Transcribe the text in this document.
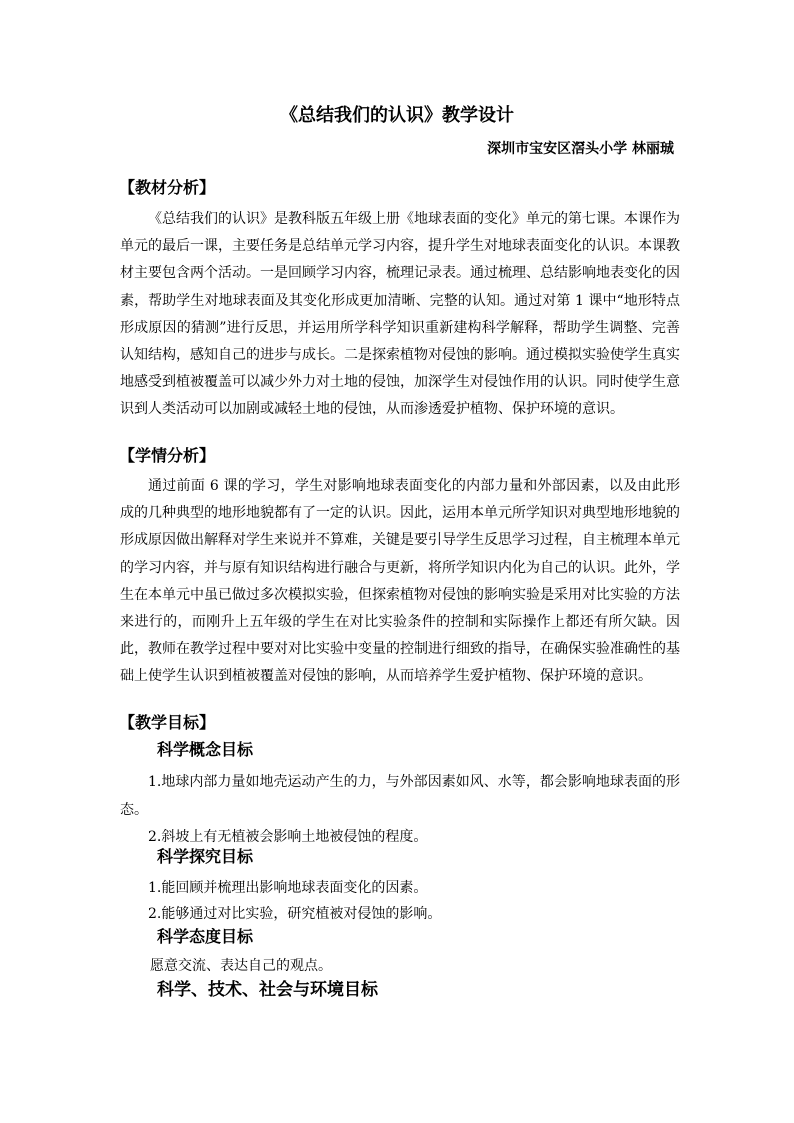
《总结我们的认识》教学设计
深圳市宝安区滘头小学 林丽珹
【教材分析】

《总结我们的认识》是教科版五年级上册《地球表面的变化》单元的第七课。本课作为单元的最后一课，主要任务是总结单元学习内容，提升学生对地球表面变化的认识。本课教材主要包含两个活动。一是回顾学习内容，梳理记录表。通过梳理、总结影响地表变化的因素，帮助学生对地球表面及其变化形成更加清晰、完整的认知。通过对第 1 课中“地形特点形成原因的猜测”进行反思，并运用所学科学知识重新建构科学解释，帮助学生调整、完善认知结构，感知自己的进步与成长。二是探索植物对侵蚀的影响。通过模拟实验使学生真实地感受到植被覆盖可以减少外力对土地的侵蚀，加深学生对侵蚀作用的认识。同时使学生意识到人类活动可以加剧或减轻土地的侵蚀，从而渗透爱护植物、保护环境的意识。

【学情分析】

通过前面 6 课的学习，学生对影响地球表面变化的内部力量和外部因素，以及由此形成的几种典型的地形地貌都有了一定的认识。因此，运用本单元所学知识对典型地形地貌的形成原因做出解释对学生来说并不算难，关键是要引导学生反思学习过程，自主梳理本单元的学习内容，并与原有知识结构进行融合与更新，将所学知识内化为自己的认识。此外，学生在本单元中虽已做过多次模拟实验，但探索植物对侵蚀的影响实验是采用对比实验的方法来进行的，而刚升上五年级的学生在对比实验条件的控制和实际操作上都还有所欠缺。因此，教师在教学过程中要对对比实验中变量的控制进行细致的指导，在确保实验准确性的基础上使学生认识到植被覆盖对侵蚀的影响，从而培养学生爱护植物、保护环境的意识。

【教学目标】
科学概念目标

1.地球内部力量如地壳运动产生的力，与外部因素如风、水等，都会影响地球表面的形态。

2.斜坡上有无植被会影响土地被侵蚀的程度。

科学探究目标

1.能回顾并梳理出影响地球表面变化的因素。

2.能够通过对比实验，研究植被对侵蚀的影响。

科学态度目标
愿意交流、表达自己的观点。
科学、技术、社会与环境目标
